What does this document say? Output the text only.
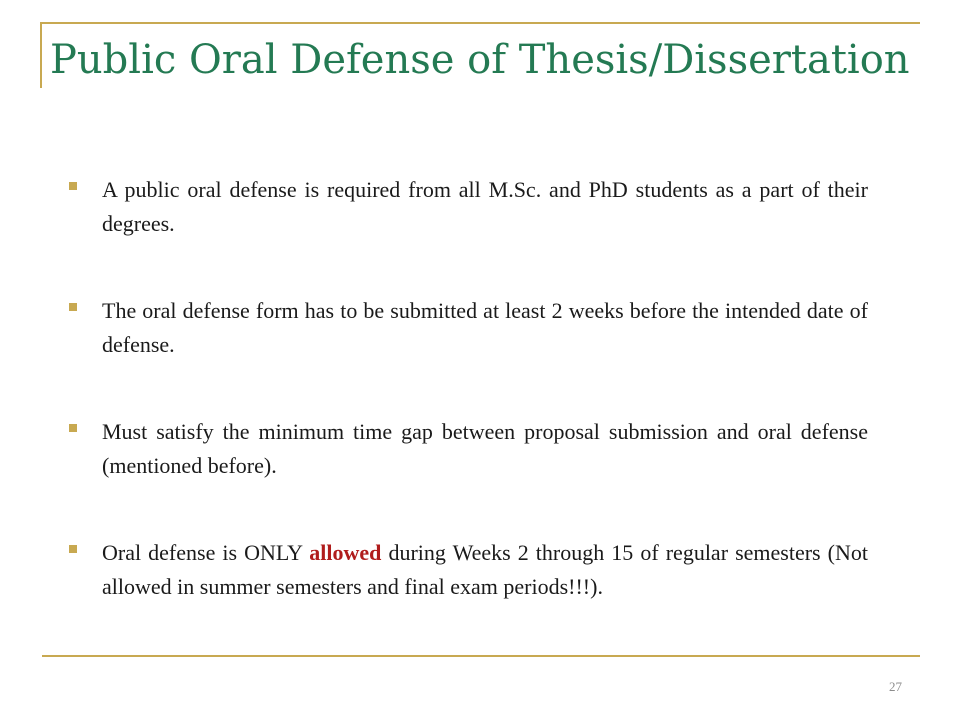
Public Oral Defense of Thesis/Dissertation
A public oral defense is required from all M.Sc. and PhD students as a part of their degrees.
The oral defense form has to be submitted at least 2 weeks before the intended date of defense.
Must satisfy the minimum time gap between proposal submission and oral defense (mentioned before).
Oral defense is ONLY allowed during Weeks 2 through 15 of regular semesters (Not allowed in summer semesters and final exam periods!!!).
27
